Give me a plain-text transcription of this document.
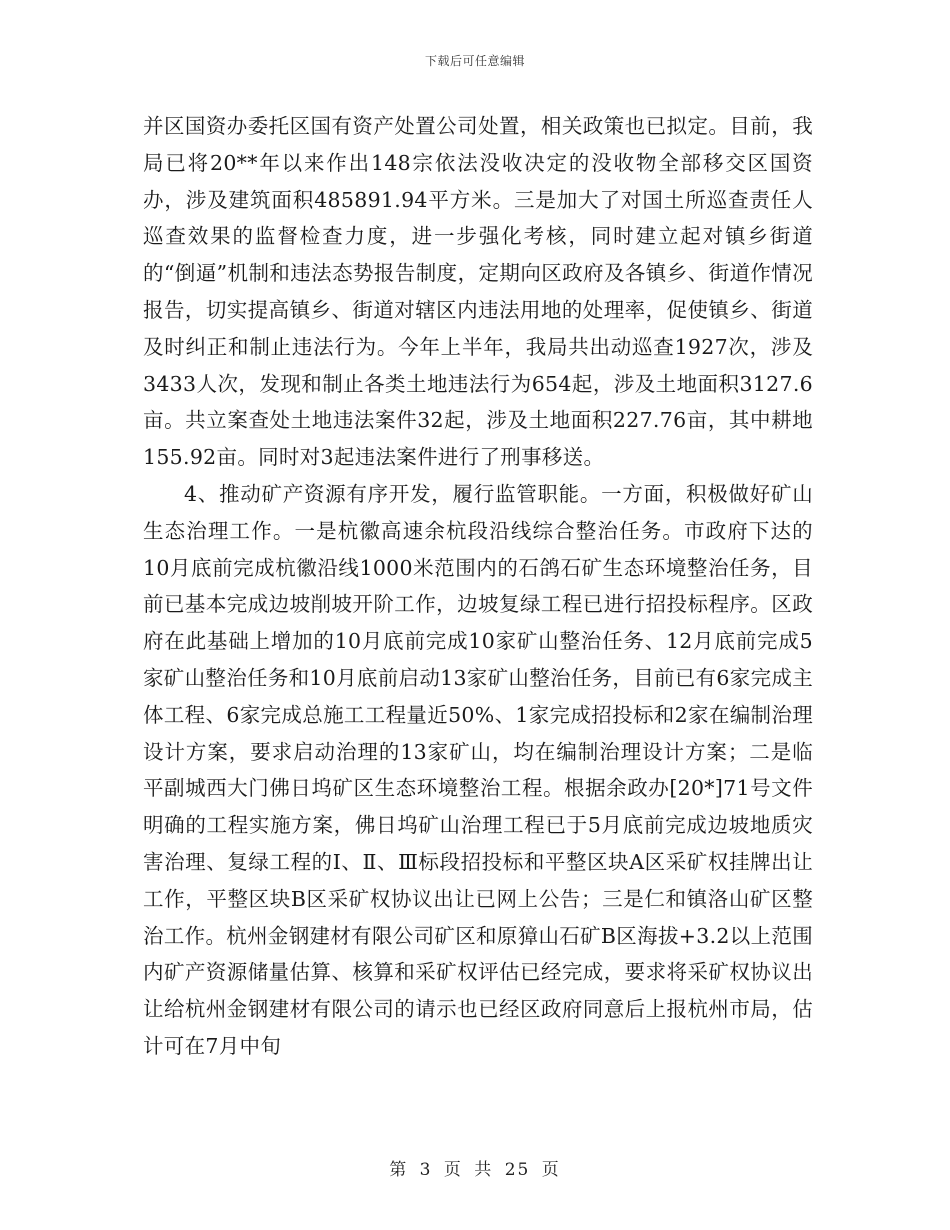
下载后可任意编辑

并区国资办委托区国有资产处置公司处置，相关政策也已拟定。目前，我局已将20**年以来作出148宗依法没收决定的没收物全部移交区国资办，涉及建筑面积485891.94平方米。三是加大了对国土所巡查责任人巡查效果的监督检查力度，进一步强化考核，同时建立起对镇乡街道的“倒逼”机制和违法态势报告制度，定期向区政府及各镇乡、街道作情况报告，切实提高镇乡、街道对辖区内违法用地的处理率，促使镇乡、街道及时纠正和制止违法行为。今年上半年，我局共出动巡查1927次，涉及3433人次，发现和制止各类土地违法行为654起，涉及土地面积3127.6亩。共立案查处土地违法案件32起，涉及土地面积227.76亩，其中耕地155.92亩。同时对3起违法案件进行了刑事移送。

4、推动矿产资源有序开发，履行监管职能。一方面，积极做好矿山生态治理工作。一是杭徽高速余杭段沿线综合整治任务。市政府下达的10月底前完成杭徽沿线1000米范围内的石鸽石矿生态环境整治任务，目前已基本完成边坡削坡开阶工作，边坡复绿工程已进行招投标程序。区政府在此基础上增加的10月底前完成10家矿山整治任务、12月底前完成5家矿山整治任务和10月底前启动13家矿山整治任务，目前已有6家完成主体工程、6家完成总施工工程量近50%、1家完成招投标和2家在编制治理设计方案，要求启动治理的13家矿山，均在编制治理设计方案；二是临平副城西大门佛日坞矿区生态环境整治工程。根据余政办[20*]71号文件明确的工程实施方案，佛日坞矿山治理工程已于5月底前完成边坡地质灾害治理、复绿工程的Ⅰ、Ⅱ、Ⅲ标段招投标和平整区块A区采矿权挂牌出让工作，平整区块B区采矿权协议出让已网上公告；三是仁和镇洛山矿区整治工作。杭州金钢建材有限公司矿区和原獐山石矿B区海拔+3.2以上范围内矿产资源储量估算、核算和采矿权评估已经完成，要求将采矿权协议出让给杭州金钢建材有限公司的请示也已经区政府同意后上报杭州市局，估计可在7月中旬

第 3 页 共 25 页
